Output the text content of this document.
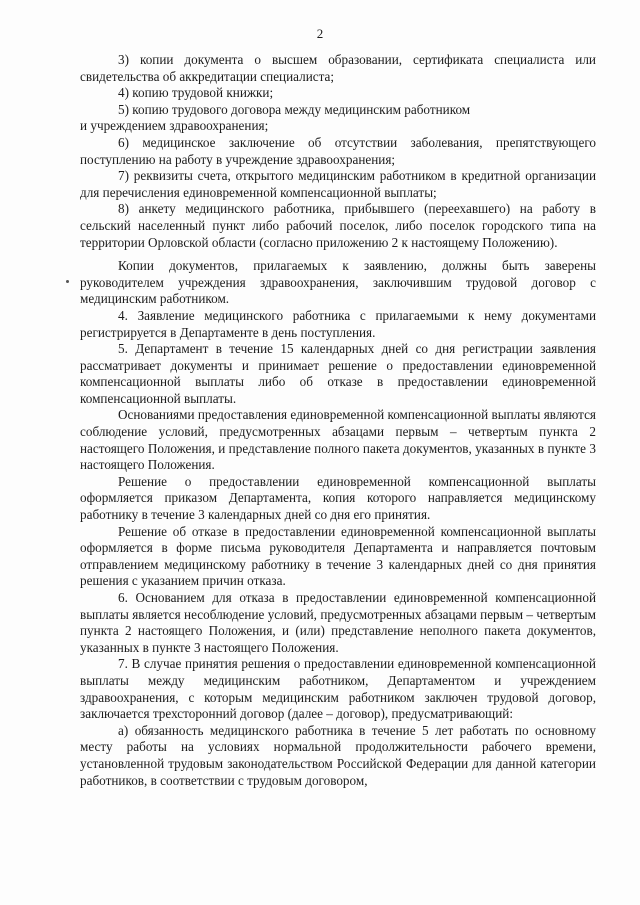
2

3) копии документа о высшем образовании, сертификата специалиста или свидетельства об аккредитации специалиста;

4) копию трудовой книжки;

5) копию трудового договора между медицинским работником

и учреждением здравоохранения;

6) медицинское заключение об отсутствии заболевания, препятствующего поступлению на работу в учреждение здравоохранения;

7) реквизиты счета, открытого медицинским работником в кредитной организации для перечисления единовременной компенсационной выплаты;

8) анкету медицинского работника, прибывшего (переехавшего) на работу в сельский населенный пункт либо рабочий поселок, либо поселок городского типа на территории Орловской области (согласно приложению 2 к настоящему Положению).

Копии документов, прилагаемых к заявлению, должны быть заверены руководителем учреждения здравоохранения, заключившим трудовой договор с медицинским работником.

4. Заявление медицинского работника с прилагаемыми к нему документами регистрируется в Департаменте в день поступления.

5. Департамент в течение 15 календарных дней со дня регистрации заявления рассматривает документы и принимает решение о предоставлении единовременной компенсационной выплаты либо об отказе в предоставлении единовременной компенсационной выплаты.

Основаниями предоставления единовременной компенсационной выплаты являются соблюдение условий, предусмотренных абзацами первым – четвертым пункта 2 настоящего Положения, и представление полного пакета документов, указанных в пункте 3 настоящего Положения.

Решение о предоставлении единовременной компенсационной выплаты оформляется приказом Департамента, копия которого направляется медицинскому работнику в течение 3 календарных дней со дня его принятия.

Решение об отказе в предоставлении единовременной компенсационной выплаты оформляется в форме письма руководителя Департамента и направляется почтовым отправлением медицинскому работнику в течение 3 календарных дней со дня принятия решения с указанием причин отказа.

6. Основанием для отказа в предоставлении единовременной компенсационной выплаты является несоблюдение условий, предусмотренных абзацами первым – четвертым пункта 2 настоящего Положения, и (или) представление неполного пакета документов, указанных в пункте 3 настоящего Положения.

7. В случае принятия решения о предоставлении единовременной компенсационной выплаты между медицинским работником, Департаментом и учреждением здравоохранения, с которым медицинским работником заключен трудовой договор, заключается трехсторонний договор (далее – договор), предусматривающий:

а) обязанность медицинского работника в течение 5 лет работать по основному месту работы на условиях нормальной продолжительности рабочего времени, установленной трудовым законодательством Российской Федерации для данной категории работников, в соответствии с трудовым договором,
